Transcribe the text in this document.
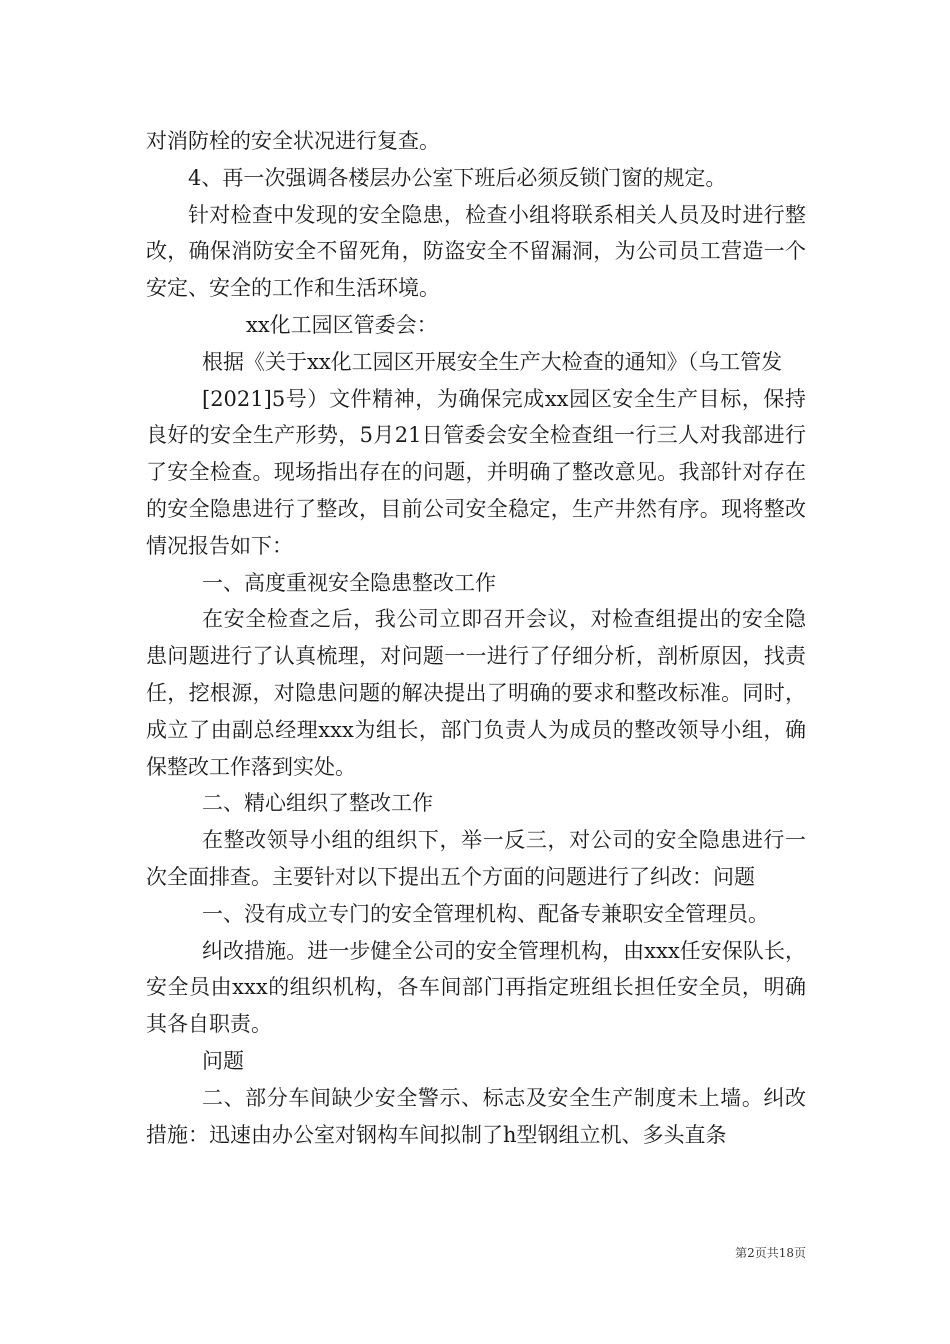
对消防栓的安全状况进行复查。

4、再一次强调各楼层办公室下班后必须反锁门窗的规定。

针对检查中发现的安全隐患，检查小组将联系相关人员及时进行整改，确保消防安全不留死角，防盗安全不留漏洞，为公司员工营造一个安定、安全的工作和生活环境。

xx化工园区管委会：

根据《关于xx化工园区开展安全生产大检查的通知》（乌工管发

[2021]5号）文件精神，为确保完成xx园区安全生产目标，保持良好的安全生产形势，5月21日管委会安全检查组一行三人对我部进行了安全检查。现场指出存在的问题，并明确了整改意见。我部针对存在的安全隐患进行了整改，目前公司安全稳定，生产井然有序。现将整改情况报告如下：

一、高度重视安全隐患整改工作

在安全检查之后，我公司立即召开会议，对检查组提出的安全隐患问题进行了认真梳理，对问题一一进行了仔细分析，剖析原因，找责任，挖根源，对隐患问题的解决提出了明确的要求和整改标准。同时，成立了由副总经理xxx为组长，部门负责人为成员的整改领导小组，确保整改工作落到实处。

二、精心组织了整改工作

在整改领导小组的组织下，举一反三，对公司的安全隐患进行一次全面排查。主要针对以下提出五个方面的问题进行了纠改：问题

一、没有成立专门的安全管理机构、配备专兼职安全管理员。

纠改措施。进一步健全公司的安全管理机构，由xxx任安保队长，安全员由xxx的组织机构，各车间部门再指定班组长担任安全员，明确其各自职责。

问题

二、部分车间缺少安全警示、标志及安全生产制度未上墙。纠改措施：迅速由办公室对钢构车间拟制了h型钢组立机、多头直条

第2页共18页
